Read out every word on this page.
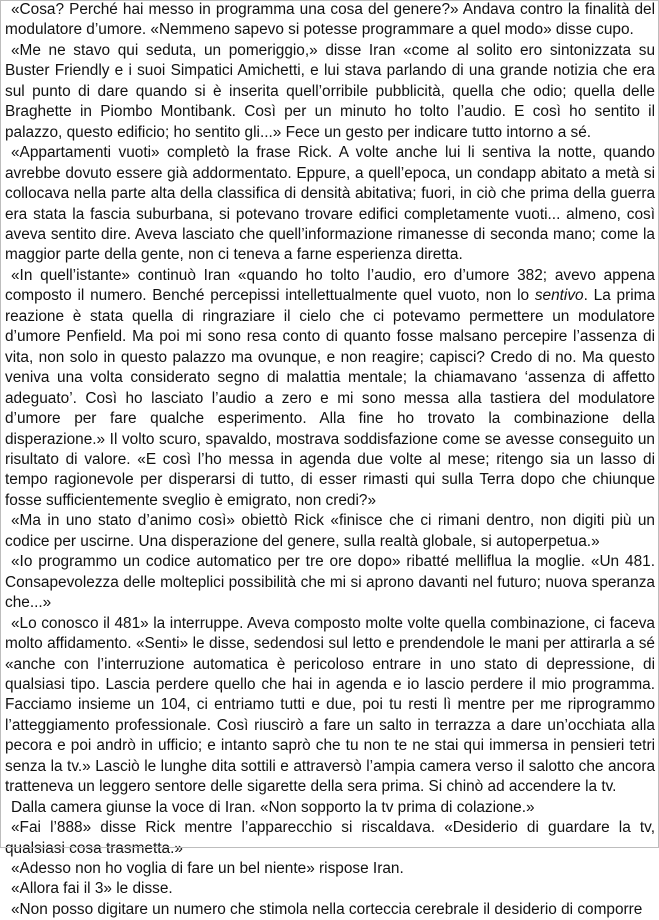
«Cosa? Perché hai messo in programma una cosa del genere?» Andava contro la finalità del modulatore d’umore. «Nemmeno sapevo si potesse programmare a quel modo» disse cupo.

«Me ne stavo qui seduta, un pomeriggio,» disse Iran «come al solito ero sintonizzata su Buster Friendly e i suoi Simpatici Amichetti, e lui stava parlando di una grande notizia che era sul punto di dare quando si è inserita quell’orribile pubblicità, quella che odio; quella delle Braghette in Piombo Montibank. Così per un minuto ho tolto l’audio. E così ho sentito il palazzo, questo edificio; ho sentito gli...» Fece un gesto per indicare tutto intorno a sé.

«Appartamenti vuoti» completò la frase Rick. A volte anche lui li sentiva la notte, quando avrebbe dovuto essere già addormentato. Eppure, a quell’epoca, un condapp abitato a metà si collocava nella parte alta della classifica di densità abitativa; fuori, in ciò che prima della guerra era stata la fascia suburbana, si potevano trovare edifici completamente vuoti... almeno, così aveva sentito dire. Aveva lasciato che quell’informazione rimanesse di seconda mano; come la maggior parte della gente, non ci teneva a farne esperienza diretta.

«In quell’istante» continuò Iran «quando ho tolto l’audio, ero d’umore 382; avevo appena composto il numero. Benché percepissi intellettualmente quel vuoto, non lo sentivo. La prima reazione è stata quella di ringraziare il cielo che ci potevamo permettere un modulatore d’umore Penfield. Ma poi mi sono resa conto di quanto fosse malsano percepire l’assenza di vita, non solo in questo palazzo ma ovunque, e non reagire; capisci? Credo di no. Ma questo veniva una volta considerato segno di malattia mentale; la chiamavano ‘assenza di affetto adeguato’. Così ho lasciato l’audio a zero e mi sono messa alla tastiera del modulatore d’umore per fare qualche esperimento. Alla fine ho trovato la combinazione della disperazione.» Il volto scuro, spavaldo, mostrava soddisfazione come se avesse conseguito un risultato di valore. «E così l’ho messa in agenda due volte al mese; ritengo sia un lasso di tempo ragionevole per disperarsi di tutto, di esser rimasti qui sulla Terra dopo che chiunque fosse sufficientemente sveglio è emigrato, non credi?»

«Ma in uno stato d’animo così» obiettò Rick «finisce che ci rimani dentro, non digiti più un codice per uscirne. Una disperazione del genere, sulla realtà globale, si autoperpetua.»

«Io programmo un codice automatico per tre ore dopo» ribatté melliflua la moglie. «Un 481. Consapevolezza delle molteplici possibilità che mi si aprono davanti nel futuro; nuova speranza che...»

«Lo conosco il 481» la interruppe. Aveva composto molte volte quella combinazione, ci faceva molto affidamento. «Senti» le disse, sedendosi sul letto e prendendole le mani per attirarla a sé «anche con l’interruzione automatica è pericoloso entrare in uno stato di depressione, di qualsiasi tipo. Lascia perdere quello che hai in agenda e io lascio perdere il mio programma. Facciamo insieme un 104, ci entriamo tutti e due, poi tu resti lì mentre per me riprogrammo l’atteggiamento professionale. Così riuscirò a fare un salto in terrazza a dare un’occhiata alla pecora e poi andrò in ufficio; e intanto saprò che tu non te ne stai qui immersa in pensieri tetri senza la tv.» Lasciò le lunghe dita sottili e attraversò l’ampia camera verso il salotto che ancora tratteneva un leggero sentore delle sigarette della sera prima. Si chinò ad accendere la tv.

Dalla camera giunse la voce di Iran. «Non sopporto la tv prima di colazione.»

«Fai l’888» disse Rick mentre l’apparecchio si riscaldava. «Desiderio di guardare la tv, qualsiasi cosa trasmetta.»

«Adesso non ho voglia di fare un bel niente» rispose Iran.

«Allora fai il 3» le disse.

«Non posso digitare un numero che stimola nella corteccia cerebrale il desiderio di comporre
